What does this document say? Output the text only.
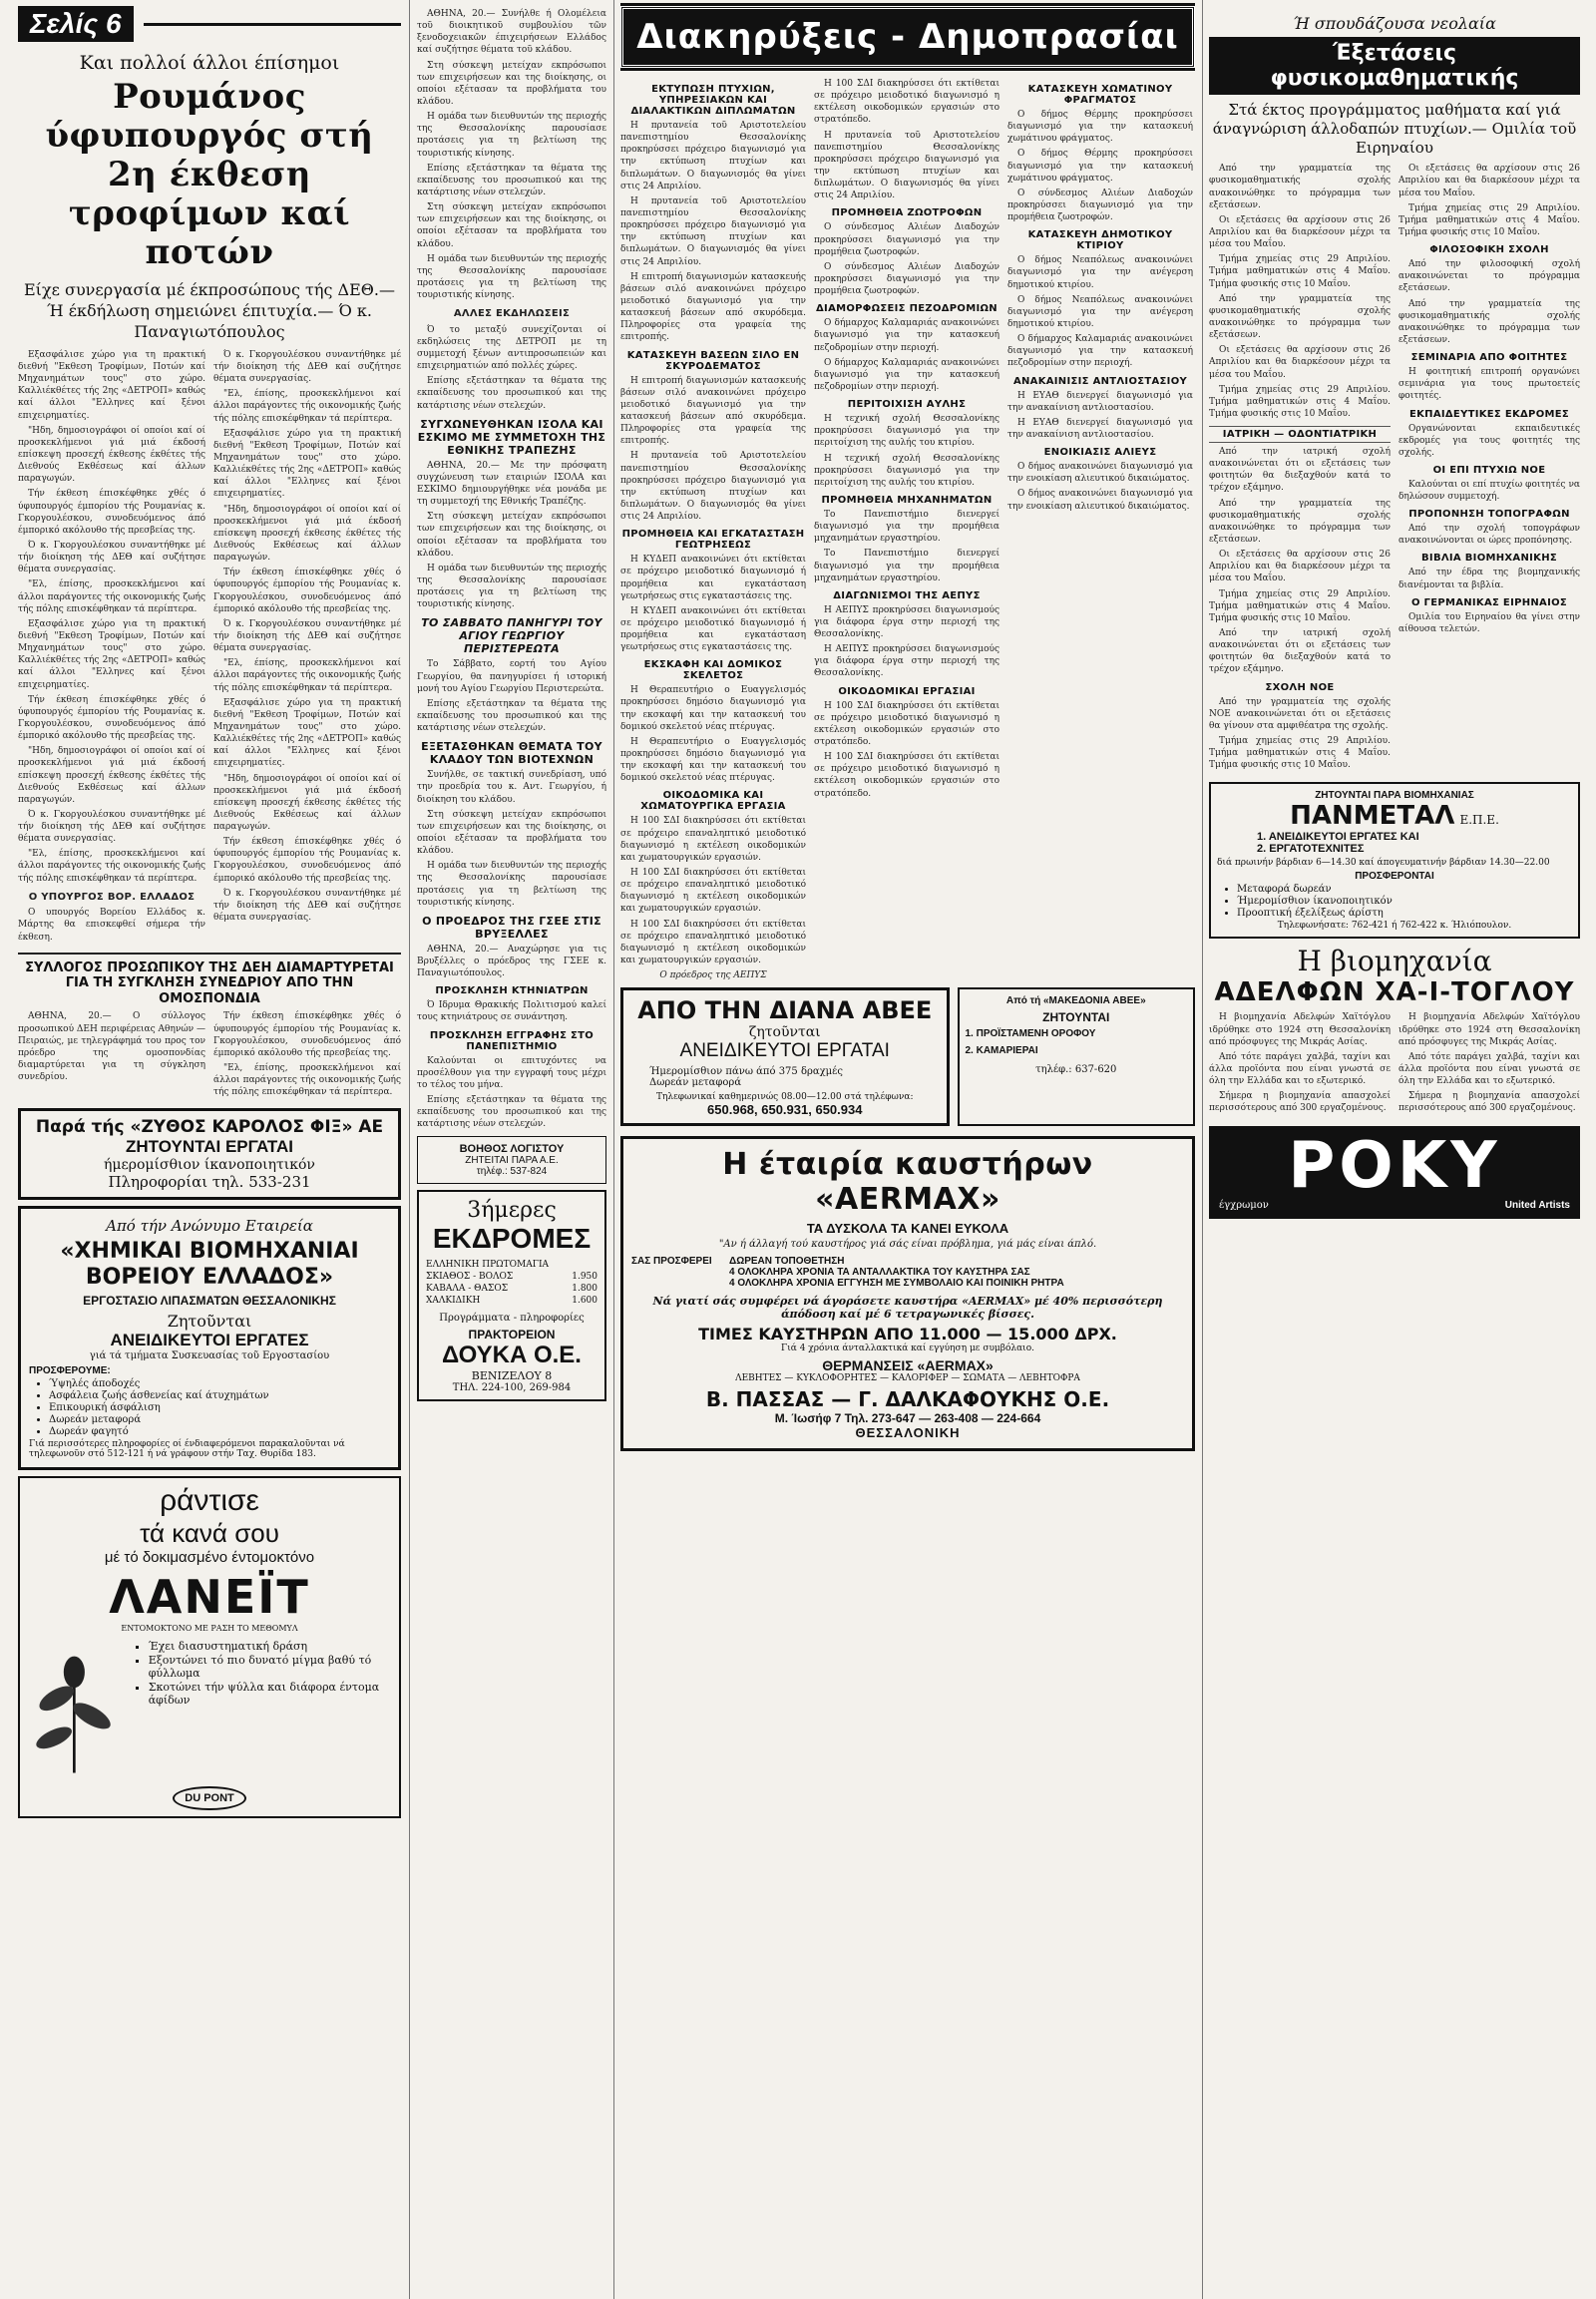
Σελίς 6
Και πολλοί άλλοι έπίσημοι
Ρουμάνος ύφυπουργός στή 2η έκθεση τροφίμων καί ποτών
Είχε συνεργασία μέ έκπροσώπους τής ΔΕΘ.— Ή έκδήλωση σημειώνει έπιτυχία.— Ό κ. Παναγιωτόπουλος

Εξασφάλισε χώρο για τη πρακτική διεθνή "Εκθεση Τροφίμων, Ποτών καί Μηχανημάτων τους" στο χώρο. Καλλιέκθέτες τής 2ης «ΔΕΤΡΟΠ» καθώς καί άλλοι "Ελληνες καί ξένοι επιχειρηματίες.

"Ηδη, δημοσιογράφοι οί οποίοι καί οί προσκεκλήμενοι γιά μιά έκδοσή επίσκεψη προσεχή έκθεσης έκθέτες τής Διεθνούς Εκθέσεως καί άλλων παραγωγών.

Τήν έκθεση έπισκέφθηκε χθές ό ύφυπουργός έμπορίου τής Ρουμανίας κ. Γκοργουλέσκου, συνοδευόμενος άπό έμπορικό ακόλουθο τής πρεσβείας της.

Ό κ. Γκοργουλέσκου συναντήθηκε μέ τήν διοίκηση τής ΔΕΘ καί συζήτησε θέματα συνεργασίας.

"Ελ, έπίσης, προσκεκλήμενοι καί άλλοι παράγοντες τής οικονομικής ζωής τής πόλης επισκέφθηκαν τά περίπτερα.

Εξασφάλισε χώρο για τη πρακτική διεθνή "Εκθεση Τροφίμων, Ποτών καί Μηχανημάτων τους" στο χώρο. Καλλιέκθέτες τής 2ης «ΔΕΤΡΟΠ» καθώς καί άλλοι "Ελληνες καί ξένοι επιχειρηματίες.

Τήν έκθεση έπισκέφθηκε χθές ό ύφυπουργός έμπορίου τής Ρουμανίας κ. Γκοργουλέσκου, συνοδευόμενος άπό έμπορικό ακόλουθο τής πρεσβείας της.

"Ηδη, δημοσιογράφοι οί οποίοι καί οί προσκεκλήμενοι γιά μιά έκδοσή επίσκεψη προσεχή έκθεσης έκθέτες τής Διεθνούς Εκθέσεως καί άλλων παραγωγών.

Ό κ. Γκοργουλέσκου συναντήθηκε μέ τήν διοίκηση τής ΔΕΘ καί συζήτησε θέματα συνεργασίας.

"Ελ, έπίσης, προσκεκλήμενοι καί άλλοι παράγοντες τής οικονομικής ζωής τής πόλης επισκέφθηκαν τά περίπτερα.

Ο ΥΠΟΥΡΓΟΣ ΒΟΡ. ΕΛΛΑΔΟΣ

Ο υπουργός Βορείου Ελλάδος κ. Μάρτης θα επισκεφθεί σήμερα τήν έκθεση.

Ό κ. Γκοργουλέσκου συναντήθηκε μέ τήν διοίκηση τής ΔΕΘ καί συζήτησε θέματα συνεργασίας.

"Ελ, έπίσης, προσκεκλήμενοι καί άλλοι παράγοντες τής οικονομικής ζωής τής πόλης επισκέφθηκαν τά περίπτερα.

Εξασφάλισε χώρο για τη πρακτική διεθνή "Εκθεση Τροφίμων, Ποτών καί Μηχανημάτων τους" στο χώρο. Καλλιέκθέτες τής 2ης «ΔΕΤΡΟΠ» καθώς καί άλλοι "Ελληνες καί ξένοι επιχειρηματίες.

"Ηδη, δημοσιογράφοι οί οποίοι καί οί προσκεκλήμενοι γιά μιά έκδοσή επίσκεψη προσεχή έκθεσης έκθέτες τής Διεθνούς Εκθέσεως καί άλλων παραγωγών.

Τήν έκθεση έπισκέφθηκε χθές ό ύφυπουργός έμπορίου τής Ρουμανίας κ. Γκοργουλέσκου, συνοδευόμενος άπό έμπορικό ακόλουθο τής πρεσβείας της.

Ό κ. Γκοργουλέσκου συναντήθηκε μέ τήν διοίκηση τής ΔΕΘ καί συζήτησε θέματα συνεργασίας.

"Ελ, έπίσης, προσκεκλήμενοι καί άλλοι παράγοντες τής οικονομικής ζωής τής πόλης επισκέφθηκαν τά περίπτερα.

Εξασφάλισε χώρο για τη πρακτική διεθνή "Εκθεση Τροφίμων, Ποτών καί Μηχανημάτων τους" στο χώρο. Καλλιέκθέτες τής 2ης «ΔΕΤΡΟΠ» καθώς καί άλλοι "Ελληνες καί ξένοι επιχειρηματίες.

"Ηδη, δημοσιογράφοι οί οποίοι καί οί προσκεκλήμενοι γιά μιά έκδοσή επίσκεψη προσεχή έκθεσης έκθέτες τής Διεθνούς Εκθέσεως καί άλλων παραγωγών.

Τήν έκθεση έπισκέφθηκε χθές ό ύφυπουργός έμπορίου τής Ρουμανίας κ. Γκοργουλέσκου, συνοδευόμενος άπό έμπορικό ακόλουθο τής πρεσβείας της.

Ό κ. Γκοργουλέσκου συναντήθηκε μέ τήν διοίκηση τής ΔΕΘ καί συζήτησε θέματα συνεργασίας.

ΣΥΛΛΟΓΟΣ ΠΡΟΣΩΠΙΚΟΥ ΤΗΣ ΔΕΗ ΔΙΑΜΑΡΤΥΡΕΤΑΙ ΓΙΑ ΤΗ ΣΥΓΚΛΗΣΗ ΣΥΝΕΔΡΙΟΥ ΑΠΟ ΤΗΝ ΟΜΟΣΠΟΝΔΙΑ

ΑΘΗΝΑ, 20.— Ο σύλλογος προσωπικού ΔΕΗ περιφέρειας Αθηνών —Πειραιώς, με τηλεγράφημά του προς τον πρόεδρο της ομοσπονδίας διαμαρτύρεται για τη σύγκληση συνεδρίου.

Τήν έκθεση έπισκέφθηκε χθές ό ύφυπουργός έμπορίου τής Ρουμανίας κ. Γκοργουλέσκου, συνοδευόμενος άπό έμπορικό ακόλουθο τής πρεσβείας της.

"Ελ, έπίσης, προσκεκλήμενοι καί άλλοι παράγοντες τής οικονομικής ζωής τής πόλης επισκέφθηκαν τά περίπτερα.

Παρά τής «ΖΥΘΟΣ ΚΑΡΟΛΟΣ ΦΙΞ» ΑΕ
ΖΗΤΟΥΝΤΑΙ ΕΡΓΑΤΑΙ
ήμερομίσθιον ίκανοποιητικόν
Πληροφορίαι τηλ. 533-231
Από τήν Ανώνυμο Εταιρεία
«ΧΗΜΙΚΑΙ ΒΙΟΜΗΧΑΝΙΑΙ ΒΟΡΕΙΟΥ ΕΛΛΑΔΟΣ»
ΕΡΓΟΣΤΑΣΙΟ ΛΙΠΑΣΜΑΤΩΝ ΘΕΣΣΑΛΟΝΙΚΗΣ
Ζητοῦνται
ΑΝΕΙΔΙΚΕΥΤΟΙ ΕΡΓΑΤΕΣ
γιά τά τμήματα Συσκευασίας τοῦ Εργοστασίου
ΠΡΟΣΦΕΡΟΥΜΕ:
• Ύψηλές άποδοχές
• Ασφάλεια ζωής άσθενείας καί άτυχημάτων
• Επικουρική άσφάλιση
• Δωρεάν μεταφορά
• Δωρεάν φαγητό
Γιά περισσότερες πληροφορίες οί ένδιαφερόμενοι παρακαλοῦνται νά τηλεφωνοῦν στό 512-121 ή νά γράφουν στήν Ταχ. Θυρίδα 183.
ράντισε
τά κανά σου
μέ τό δοκιμασμένο έντομοκτόνο
ΛΑΝΕΪΤ
ΕΝΤΟΜΟΚΤΟΝΟ ΜΕ ΡΑΣΗ ΤΟ ΜΕΘΟΜΥΛ
▪ Έχει διασυστηματική δράση
▪ Εξοντώνει τό πιο δυνατό μίγμα βαθύ τό φύλλωμα
▪ Σκοτώνει τήν ψύλλα και διάφορα έντομα άφίδων
DU PONT

ΑΘΗΝΑ, 20.— Συνήλθε ή Ολομέλεια τοῦ διοικητικοῦ συμβουλίου τῶν ξενοδοχειακῶν έπιχειρήσεων Ελλάδος καί συζήτησε θέματα τοῦ κλάδου.

Στη σύσκεψη μετείχαν εκπρόσωποι των επιχειρήσεων και της διοίκησης, οι οποίοι εξέτασαν τα προβλήματα του κλάδου.

Η ομάδα των διευθυντών της περιοχής της Θεσσαλονίκης παρουσίασε προτάσεις για τη βελτίωση της τουριστικής κίνησης.

Επίσης εξετάστηκαν τα θέματα της εκπαίδευσης του προσωπικού και της κατάρτισης νέων στελεχών.

Στη σύσκεψη μετείχαν εκπρόσωποι των επιχειρήσεων και της διοίκησης, οι οποίοι εξέτασαν τα προβλήματα του κλάδου.

Η ομάδα των διευθυντών της περιοχής της Θεσσαλονίκης παρουσίασε προτάσεις για τη βελτίωση της τουριστικής κίνησης.

ΑΛΛΕΣ ΕΚΔΗΛΩΣΕΙΣ

Ό το μεταξύ συνεχίζονται οί εκδηλώσεις της ΔΕΤΡΟΠ με τη συμμετοχή ξένων αντιπροσωπειών και επιχειρηματιών από πολλές χώρες.

Επίσης εξετάστηκαν τα θέματα της εκπαίδευσης του προσωπικού και της κατάρτισης νέων στελεχών.

ΣΥΓΧΩΝΕΥΘΗΚΑΝ ΙΣΟΛΑ ΚΑΙ ΕΣΚΙΜΟ ΜΕ ΣΥΜΜΕΤΟΧΗ ΤΗΣ ΕΘΝΙΚΗΣ ΤΡΑΠΕΖΗΣ

ΑΘΗΝΑ, 20.— Με την πρόσφατη συγχώνευση των εταιριών ΙΣΟΛΑ και ΕΣΚΙΜΟ δημιουργήθηκε νέα μονάδα με τη συμμετοχή της Εθνικής Τραπέζης.

Στη σύσκεψη μετείχαν εκπρόσωποι των επιχειρήσεων και της διοίκησης, οι οποίοι εξέτασαν τα προβλήματα του κλάδου.

Η ομάδα των διευθυντών της περιοχής της Θεσσαλονίκης παρουσίασε προτάσεις για τη βελτίωση της τουριστικής κίνησης.

ΤΟ ΣΑΒΒΑΤΟ ΠΑΝΗΓΥΡΙ ΤΟΥ ΑΓΙΟΥ ΓΕΩΡΓΙΟΥ ΠΕΡΙΣΤΕΡΕΩΤΑ

Το Σάββατο, εορτή του Αγίου Γεωργίου, θα πανηγυρίσει ή ιστορική μονή του Αγίου Γεωργίου Περιστερεώτα.

Επίσης εξετάστηκαν τα θέματα της εκπαίδευσης του προσωπικού και της κατάρτισης νέων στελεχών.

ΕΞΕΤΑΣΘΗΚΑΝ ΘΕΜΑΤΑ ΤΟΥ ΚΛΑΔΟΥ ΤΩΝ ΒΙΟΤΕΧΝΩΝ

Συνήλθε, σε τακτική συνεδρίαση, υπό την προεδρία του κ. Αντ. Γεωργίου, ή διοίκηση του κλάδου.

Στη σύσκεψη μετείχαν εκπρόσωποι των επιχειρήσεων και της διοίκησης, οι οποίοι εξέτασαν τα προβλήματα του κλάδου.

Η ομάδα των διευθυντών της περιοχής της Θεσσαλονίκης παρουσίασε προτάσεις για τη βελτίωση της τουριστικής κίνησης.

Ο ΠΡΟΕΔΡΟΣ ΤΗΣ ΓΣΕΕ ΣΤΙΣ ΒΡΥΞΕΛΛΕΣ

ΑΘΗΝΑ, 20.— Αναχώρησε για τις Βρυξέλλες ο πρόεδρος της ΓΣΕΕ κ. Παναγιωτόπουλος.

ΠΡΟΣΚΛΗΣΗ ΚΤΗΝΙΑΤΡΩΝ

Ό Ιδρυμα Θρακικής Πολιτισμού καλεί τους κτηνιάτρους σε συνάντηση.

ΠΡΟΣΚΛΗΣΗ ΕΓΓΡΑΦΗΣ ΣΤΟ ΠΑΝΕΠΙΣΤΗΜΙΟ

Καλούνται οι επιτυχόντες να προσέλθουν για την εγγραφή τους μέχρι το τέλος του μήνα.

Επίσης εξετάστηκαν τα θέματα της εκπαίδευσης του προσωπικού και της κατάρτισης νέων στελεχών.

ΒΟΗΘΟΣ ΛΟΓΙΣΤΟΥ
ΖΗΤΕΙΤΑΙ ΠΑΡΑ Α.Ε.
τηλέφ.: 537-824
3ήμερες
ΕΚΔΡΟΜΕΣ
ΕΛΛΗΝΙΚΗ ΠΡΩΤΟΜΑΓΙΑ	
ΣΚΙΑΘΟΣ - ΒΟΛΟΣ	1.950
ΚΑΒΑΛΑ - ΘΑΣΟΣ	1.800
ΧΑΛΚΙΔΙΚΗ	1.600
Προγράμματα - πληροφορίες
ΠΡΑΚΤΟΡΕΙΟΝ
ΔΟΥΚΑ Ο.Ε.
ΒΕΝΙΖΕΛΟΥ 8
ΤΗΛ. 224-100, 269-984
Διακηρύξεις - Δημοπρασίαι
ΕΚΤΥΠΩΣΗ ΠΤΥΧΙΩΝ, ΥΠΗΡΕΣΙΑΚΩΝ ΚΑΙ ΔΙΑΛΑΚΤΙΚΩΝ ΔΙΠΛΩΜΑΤΩΝ

Η πρυτανεία τοῦ Αριστοτελείου πανεπιστημίου Θεσσαλονίκης προκηρύσσει πρόχειρο διαγωνισμό για την εκτύπωση πτυχίων και διπλωμάτων. Ο διαγωνισμός θα γίνει στις 24 Απριλίου.

Η πρυτανεία τοῦ Αριστοτελείου πανεπιστημίου Θεσσαλονίκης προκηρύσσει πρόχειρο διαγωνισμό για την εκτύπωση πτυχίων και διπλωμάτων. Ο διαγωνισμός θα γίνει στις 24 Απριλίου.

Η επιτροπή διαγωνισμών κατασκευής βάσεων σιλό ανακοινώνει πρόχειρο μειοδοτικό διαγωνισμό για την κατασκευή βάσεων από σκυρόδεμα. Πληροφορίες στα γραφεία της επιτροπής.

ΚΑΤΑΣΚΕΥΗ ΒΑΣΕΩΝ ΣΙΛΟ ΕΝ ΣΚΥΡΟΔΕΜΑΤΟΣ

Η επιτροπή διαγωνισμών κατασκευής βάσεων σιλό ανακοινώνει πρόχειρο μειοδοτικό διαγωνισμό για την κατασκευή βάσεων από σκυρόδεμα. Πληροφορίες στα γραφεία της επιτροπής.

Η πρυτανεία τοῦ Αριστοτελείου πανεπιστημίου Θεσσαλονίκης προκηρύσσει πρόχειρο διαγωνισμό για την εκτύπωση πτυχίων και διπλωμάτων. Ο διαγωνισμός θα γίνει στις 24 Απριλίου.

ΠΡΟΜΗΘΕΙΑ ΚΑΙ ΕΓΚΑΤΑΣΤΑΣΗ ΓΕΩΤΡΗΣΕΩΣ

Η ΚΥΔΕΠ ανακοινώνει ότι εκτίθεται σε πρόχειρο μειοδοτικό διαγωνισμό ή προμήθεια και εγκατάσταση γεωτρήσεως στις εγκαταστάσεις της.

Η ΚΥΔΕΠ ανακοινώνει ότι εκτίθεται σε πρόχειρο μειοδοτικό διαγωνισμό ή προμήθεια και εγκατάσταση γεωτρήσεως στις εγκαταστάσεις της.

ΕΚΣΚΑΦΗ ΚΑΙ ΔΟΜΙΚΟΣ ΣΚΕΛΕΤΟΣ

Η Θεραπευτήριο ο Ευαγγελισμός προκηρύσσει δημόσιο διαγωνισμό για την εκσκαφή και την κατασκευή του δομικού σκελετού νέας πτέρυγας.

Η Θεραπευτήριο ο Ευαγγελισμός προκηρύσσει δημόσιο διαγωνισμό για την εκσκαφή και την κατασκευή του δομικού σκελετού νέας πτέρυγας.

ΟΙΚΟΔΟΜΙΚΑ ΚΑΙ ΧΩΜΑΤΟΥΡΓΙΚΑ ΕΡΓΑΣΙΑ

Η 100 ΣΔΙ διακηρύσσει ότι εκτίθεται σε πρόχειρο επαναληπτικό μειοδοτικό διαγωνισμό η εκτέλεση οικοδομικών και χωματουργικών εργασιών.

Η 100 ΣΔΙ διακηρύσσει ότι εκτίθεται σε πρόχειρο επαναληπτικό μειοδοτικό διαγωνισμό η εκτέλεση οικοδομικών και χωματουργικών εργασιών.

Η 100 ΣΔΙ διακηρύσσει ότι εκτίθεται σε πρόχειρο επαναληπτικό μειοδοτικό διαγωνισμό η εκτέλεση οικοδομικών και χωματουργικών εργασιών.

Ο πρόεδρος της ΑΕΠΥΣ

Η 100 ΣΔΙ διακηρύσσει ότι εκτίθεται σε πρόχειρο μειοδοτικό διαγωνισμό η εκτέλεση οικοδομικών εργασιών στο στρατόπεδο.

Η πρυτανεία τοῦ Αριστοτελείου πανεπιστημίου Θεσσαλονίκης προκηρύσσει πρόχειρο διαγωνισμό για την εκτύπωση πτυχίων και διπλωμάτων. Ο διαγωνισμός θα γίνει στις 24 Απριλίου.

ΠΡΟΜΗΘΕΙΑ ΖΩΟΤΡΟΦΩΝ

Ο σύνδεσμος Αλιέων Διαδοχών προκηρύσσει διαγωνισμό για την προμήθεια ζωοτροφών.

Ο σύνδεσμος Αλιέων Διαδοχών προκηρύσσει διαγωνισμό για την προμήθεια ζωοτροφών.

ΔΙΑΜΟΡΦΩΣΕΙΣ ΠΕΖΟΔΡΟΜΙΩΝ

Ο δήμαρχος Καλαμαριάς ανακοινώνει διαγωνισμό για την κατασκευή πεζοδρομίων στην περιοχή.

Ο δήμαρχος Καλαμαριάς ανακοινώνει διαγωνισμό για την κατασκευή πεζοδρομίων στην περιοχή.

ΠΕΡΙΤΟΙΧΙΣΗ ΑΥΛΗΣ

Η τεχνική σχολή Θεσσαλονίκης προκηρύσσει διαγωνισμό για την περιτοίχιση της αυλής του κτιρίου.

Η τεχνική σχολή Θεσσαλονίκης προκηρύσσει διαγωνισμό για την περιτοίχιση της αυλής του κτιρίου.

ΠΡΟΜΗΘΕΙΑ ΜΗΧΑΝΗΜΑΤΩΝ

Το Πανεπιστήμιο διενεργεί διαγωνισμό για την προμήθεια μηχανημάτων εργαστηρίου.

Το Πανεπιστήμιο διενεργεί διαγωνισμό για την προμήθεια μηχανημάτων εργαστηρίου.

ΔΙΑΓΩΝΙΣΜΟΙ ΤΗΣ ΑΕΠΥΣ

Η ΑΕΠΥΣ προκηρύσσει διαγωνισμούς για διάφορα έργα στην περιοχή της Θεσσαλονίκης.

Η ΑΕΠΥΣ προκηρύσσει διαγωνισμούς για διάφορα έργα στην περιοχή της Θεσσαλονίκης.

ΟΙΚΟΔΟΜΙΚΑΙ ΕΡΓΑΣΙΑΙ

Η 100 ΣΔΙ διακηρύσσει ότι εκτίθεται σε πρόχειρο μειοδοτικό διαγωνισμό η εκτέλεση οικοδομικών εργασιών στο στρατόπεδο.

Η 100 ΣΔΙ διακηρύσσει ότι εκτίθεται σε πρόχειρο μειοδοτικό διαγωνισμό η εκτέλεση οικοδομικών εργασιών στο στρατόπεδο.

ΚΑΤΑΣΚΕΥΗ ΧΩΜΑΤΙΝΟΥ ΦΡΑΓΜΑΤΟΣ

Ο δήμος Θέρμης προκηρύσσει διαγωνισμό για την κατασκευή χωμάτινου φράγματος.

Ο δήμος Θέρμης προκηρύσσει διαγωνισμό για την κατασκευή χωμάτινου φράγματος.

Ο σύνδεσμος Αλιέων Διαδοχών προκηρύσσει διαγωνισμό για την προμήθεια ζωοτροφών.

ΚΑΤΑΣΚΕΥΗ ΔΗΜΟΤΙΚΟΥ ΚΤΙΡΙΟΥ

Ο δήμος Νεαπόλεως ανακοινώνει διαγωνισμό για την ανέγερση δημοτικού κτιρίου.

Ο δήμος Νεαπόλεως ανακοινώνει διαγωνισμό για την ανέγερση δημοτικού κτιρίου.

Ο δήμαρχος Καλαμαριάς ανακοινώνει διαγωνισμό για την κατασκευή πεζοδρομίων στην περιοχή.

ΑΝΑΚΑΙΝΙΣΙΣ ΑΝΤΛΙΟΣΤΑΣΙΟΥ

Η ΕΥΑΘ διενεργεί διαγωνισμό για την ανακαίνιση αντλιοστασίου.

Η ΕΥΑΘ διενεργεί διαγωνισμό για την ανακαίνιση αντλιοστασίου.

ΕΝΟΙΚΙΑΣΙΣ ΑΛΙΕΥΣ

Ο δήμος ανακοινώνει διαγωνισμό για την ενοικίαση αλιευτικού δικαιώματος.

Ο δήμος ανακοινώνει διαγωνισμό για την ενοικίαση αλιευτικού δικαιώματος.

ΑΠΟ ΤΗΝ ΔΙΑΝΑ ΑΒΕΕ
ζητοῦνται
ΑΝΕΙΔΙΚΕΥΤΟΙ ΕΡΓΑΤΑΙ
Ήμερομίσθιον πάνω άπό 375 δραχμές
Δωρεάν μεταφορά
Τηλεφωνικαί καθημερινώς 08.00—12.00 στά τηλέφωνα:
650.968, 650.931, 650.934
Από τή «ΜΑΚΕΔΟΝΙΑ ΑΒΕΕ»
ΖΗΤΟΥΝΤΑΙ
1. ΠΡΟΪΣΤΑΜΕΝΗ ΟΡΟΦΟΥ
2. ΚΑΜΑΡΙΕΡΑΙ
τηλέφ.: 637-620
Η έταιρία καυστήρων «AERMAX»
ΤΑ ΔΥΣΚΟΛΑ ΤΑ ΚΑΝΕΙ ΕΥΚΟΛΑ
"Αν ή άλλαγή τού καυστήρος γιά σάς είναι πρόβλημα, γιά μάς είναι άπλό.
ΣΑΣ ΠΡΟΣΦΕΡΕΙ	ΔΩΡΕΑΝ ΤΟΠΟΘΕΤΗΣΗ
4 ΟΛΟΚΛΗΡΑ ΧΡΟΝΙΑ ΤΑ ΑΝΤΑΛΛΑΚΤΙΚΑ ΤΟΥ ΚΑΥΣΤΗΡΑ ΣΑΣ
4 ΟΛΟΚΛΗΡΑ ΧΡΟΝΙΑ ΕΓΓΥΗΣΗ ΜΕ ΣΥΜΒΟΛΑΙΟ ΚΑΙ ΠΟΙΝΙΚΗ ΡΗΤΡΑ
Νά γιατί σάς συμφέρει νά άγοράσετε καυστήρα «AERMAX» μέ 40% περισσότερη άπόδοση καί μέ 6 τετραγωνικές βίσσες.
ΤΙΜΕΣ ΚΑΥΣΤΗΡΩΝ ΑΠΟ 11.000 — 15.000 ΔΡΧ.
Γιά 4 χρόνια άνταλλακτικά καί εγγύηση με συμβόλαιο.
ΘΕΡΜΑΝΣΕΙΣ «AERMAX»
ΛΕΒΗΤΕΣ — ΚΥΚΛΟΦΟΡΗΤΕΣ — ΚΑΛΟΡΙΦΕΡ — ΣΩΜΑΤΑ — ΛΕΒΗΤΟΦΡΑ
Β. ΠΑΣΣΑΣ — Γ. ΔΑΛΚΑΦΟΥΚΗΣ Ο.Ε.
Μ. Ίωσήφ 7 Τηλ. 273-647 — 263-408 — 224-664
ΘΕΣΣΑΛΟΝΙΚΗ
Ή σπουδάζουσα νεολαία
Έξετάσεις φυσικομαθηματικής
Στά έκτος προγράμματος μαθήματα καί γιά άναγνώριση άλλοδαπών πτυχίων.— Ομιλία τοῦ Ειρηναίου

Από την γραμματεία της φυσικομαθηματικής σχολής ανακοινώθηκε το πρόγραμμα των εξετάσεων.

Οι εξετάσεις θα αρχίσουν στις 26 Απριλίου και θα διαρκέσουν μέχρι τα μέσα του Μαΐου.

Τμήμα χημείας στις 29 Απριλίου. Τμήμα μαθηματικών στις 4 Μαΐου. Τμήμα φυσικής στις 10 Μαΐου.

Από την γραμματεία της φυσικομαθηματικής σχολής ανακοινώθηκε το πρόγραμμα των εξετάσεων.

Οι εξετάσεις θα αρχίσουν στις 26 Απριλίου και θα διαρκέσουν μέχρι τα μέσα του Μαΐου.

Τμήμα χημείας στις 29 Απριλίου. Τμήμα μαθηματικών στις 4 Μαΐου. Τμήμα φυσικής στις 10 Μαΐου.

ΙΑΤΡΙΚΗ — ΟΔΟΝΤΙΑΤΡΙΚΗ

Από την ιατρική σχολή ανακοινώνεται ότι οι εξετάσεις των φοιτητών θα διεξαχθούν κατά το τρέχον εξάμηνο.

Από την γραμματεία της φυσικομαθηματικής σχολής ανακοινώθηκε το πρόγραμμα των εξετάσεων.

Οι εξετάσεις θα αρχίσουν στις 26 Απριλίου και θα διαρκέσουν μέχρι τα μέσα του Μαΐου.

Τμήμα χημείας στις 29 Απριλίου. Τμήμα μαθηματικών στις 4 Μαΐου. Τμήμα φυσικής στις 10 Μαΐου.

Από την ιατρική σχολή ανακοινώνεται ότι οι εξετάσεις των φοιτητών θα διεξαχθούν κατά το τρέχον εξάμηνο.

ΣΧΟΛΗ ΝΟΕ

Από την γραμματεία της σχολής ΝΟΕ ανακοινώνεται ότι οι εξετάσεις θα γίνουν στα αμφιθέατρα της σχολής.

Τμήμα χημείας στις 29 Απριλίου. Τμήμα μαθηματικών στις 4 Μαΐου. Τμήμα φυσικής στις 10 Μαΐου.

Οι εξετάσεις θα αρχίσουν στις 26 Απριλίου και θα διαρκέσουν μέχρι τα μέσα του Μαΐου.

Τμήμα χημείας στις 29 Απριλίου. Τμήμα μαθηματικών στις 4 Μαΐου. Τμήμα φυσικής στις 10 Μαΐου.

ΦΙΛΟΣΟΦΙΚΗ ΣΧΟΛΗ

Από την φιλοσοφική σχολή ανακοινώνεται το πρόγραμμα εξετάσεων.

Από την γραμματεία της φυσικομαθηματικής σχολής ανακοινώθηκε το πρόγραμμα των εξετάσεων.

ΣΕΜΙΝΑΡΙΑ ΑΠΟ ΦΟΙΤΗΤΕΣ

Η φοιτητική επιτροπή οργανώνει σεμινάρια για τους πρωτοετείς φοιτητές.

ΕΚΠΑΙΔΕΥΤΙΚΕΣ ΕΚΔΡΟΜΕΣ

Οργανώνονται εκπαιδευτικές εκδρομές για τους φοιτητές της σχολής.

ΟΙ ΕΠΙ ΠΤΥΧΙΩ ΝΟΕ

Καλούνται οι επί πτυχίω φοιτητές να δηλώσουν συμμετοχή.

ΠΡΟΠΟΝΗΣΗ ΤΟΠΟΓΡΑΦΩΝ

Από την σχολή τοπογράφων ανακοινώνονται οι ώρες προπόνησης.

ΒΙΒΛΙΑ ΒΙΟΜΗΧΑΝΙΚΗΣ

Από την έδρα της βιομηχανικής διανέμονται τα βιβλία.

Ο ΓΕΡΜΑΝΙΚΑΣ ΕΙΡΗΝΑΙΟΣ

Ομιλία του Ειρηναίου θα γίνει στην αίθουσα τελετών.

ΖΗΤΟΥΝΤΑΙ ΠΑΡΑ ΒΙΟΜΗΧΑΝΙΑΣ
ΠΑΝΜΕΤΑΛ Ε.Π.Ε.
1. ΑΝΕΙΔΙΚΕΥΤΟΙ ΕΡΓΑΤΕΣ ΚΑΙ
2. ΕΡΓΑΤΟΤΕΧΝΙΤΕΣ
διά πρωινήν βάρδιαν 6—14.30 καί άπογευματινήν βάρδιαν 14.30—22.00
ΠΡΟΣΦΕΡΟΝΤΑΙ
• Μεταφορά δωρεάν
• Ήμερομίσθιον ίκανοποιητικόν
• Προοπτική έξελίξεως άρίστη
Τηλεφωνήσατε: 762-421 ή 762-422 κ. Ήλιόπουλον.
Η βιομηχανία
ΑΔΕΛΦΩΝ ΧΑ-Ι-ΤΟΓΛΟΥ

Η βιομηχανία Αδελφών Χαϊτόγλου ιδρύθηκε στο 1924 στη Θεσσαλονίκη από πρόσφυγες της Μικράς Ασίας.

Από τότε παράγει χαλβά, ταχίνι και άλλα προϊόντα που είναι γνωστά σε όλη την Ελλάδα και το εξωτερικό.

Σήμερα η βιομηχανία απασχολεί περισσότερους από 300 εργαζομένους.

Η βιομηχανία Αδελφών Χαϊτόγλου ιδρύθηκε στο 1924 στη Θεσσαλονίκη από πρόσφυγες της Μικράς Ασίας.

Από τότε παράγει χαλβά, ταχίνι και άλλα προϊόντα που είναι γνωστά σε όλη την Ελλάδα και το εξωτερικό.

Σήμερα η βιομηχανία απασχολεί περισσότερους από 300 εργαζομένους.

ΡΟΚΥ
έγχρωμον	United Artists
